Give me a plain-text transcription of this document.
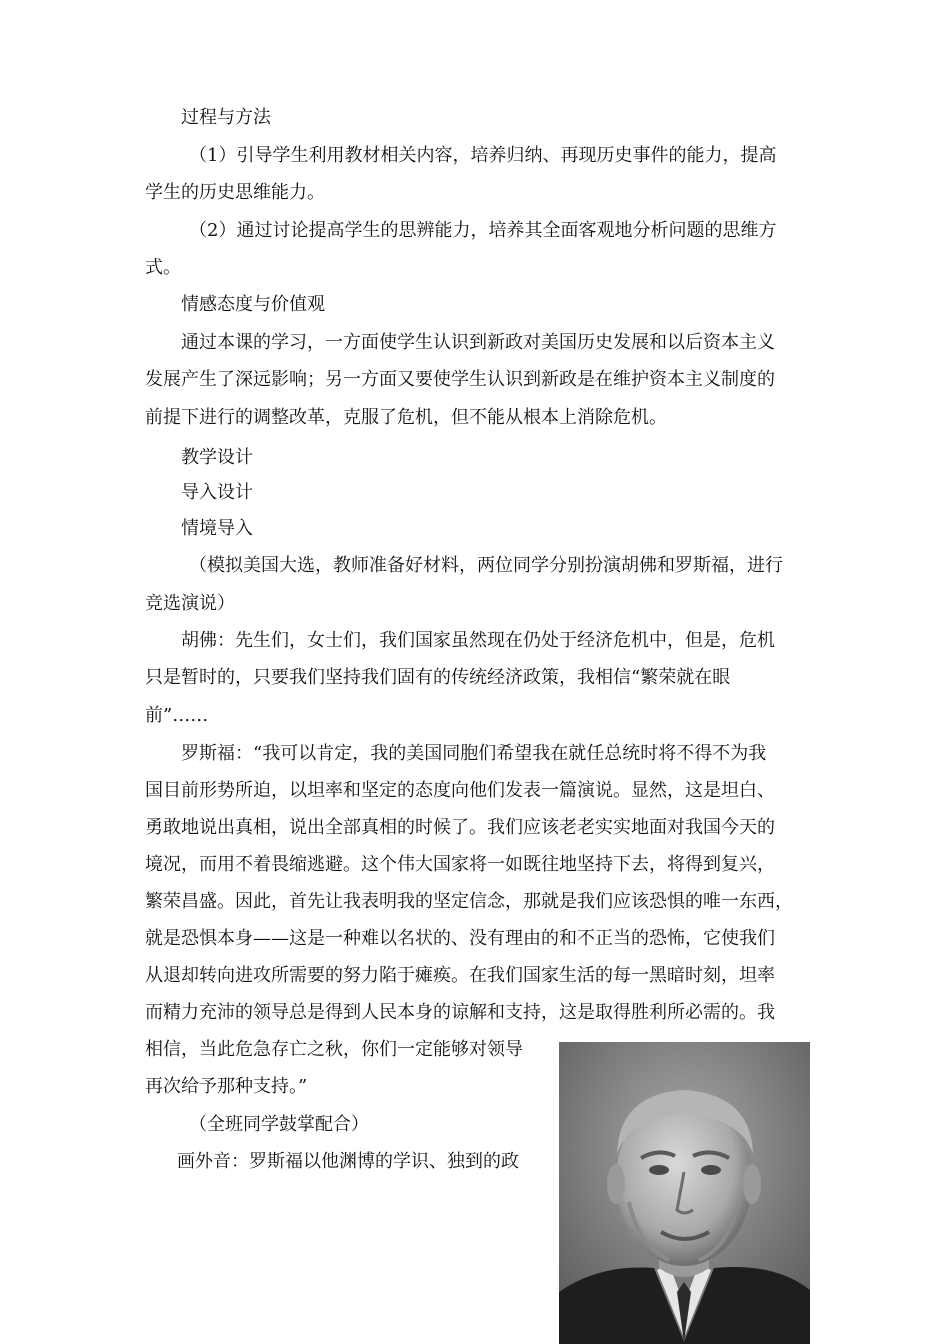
过程与方法
（1）引导学生利用教材相关内容，培养归纳、再现历史事件的能力，提高
学生的历史思维能力。
（2）通过讨论提高学生的思辨能力，培养其全面客观地分析问题的思维方
式。
情感态度与价值观
通过本课的学习，一方面使学生认识到新政对美国历史发展和以后资本主义
发展产生了深远影响；另一方面又要使学生认识到新政是在维护资本主义制度的
前提下进行的调整改革，克服了危机，但不能从根本上消除危机。
教学设计
导入设计
情境导入
（模拟美国大选，教师准备好材料，两位同学分别扮演胡佛和罗斯福，进行
竞选演说）
胡佛：先生们，女士们，我们国家虽然现在仍处于经济危机中，但是，危机
只是暂时的，只要我们坚持我们固有的传统经济政策，我相信“繁荣就在眼
前”……
罗斯福：“我可以肯定，我的美国同胞们希望我在就任总统时将不得不为我
国目前形势所迫，以坦率和坚定的态度向他们发表一篇演说。显然，这是坦白、
勇敢地说出真相，说出全部真相的时候了。我们应该老老实实地面对我国今天的
境况，而用不着畏缩逃避。这个伟大国家将一如既往地坚持下去，将得到复兴，
繁荣昌盛。因此，首先让我表明我的坚定信念，那就是我们应该恐惧的唯一东西，
就是恐惧本身——这是一种难以名状的、没有理由的和不正当的恐怖，它使我们
从退却转向进攻所需要的努力陷于瘫痪。在我们国家生活的每一黑暗时刻，坦率
而精力充沛的领导总是得到人民本身的谅解和支持，这是取得胜利所必需的。我
相信，当此危急存亡之秋，你们一定能够对领导
再次给予那种支持。”
（全班同学鼓掌配合）
画外音：罗斯福以他渊博的学识、独到的政
